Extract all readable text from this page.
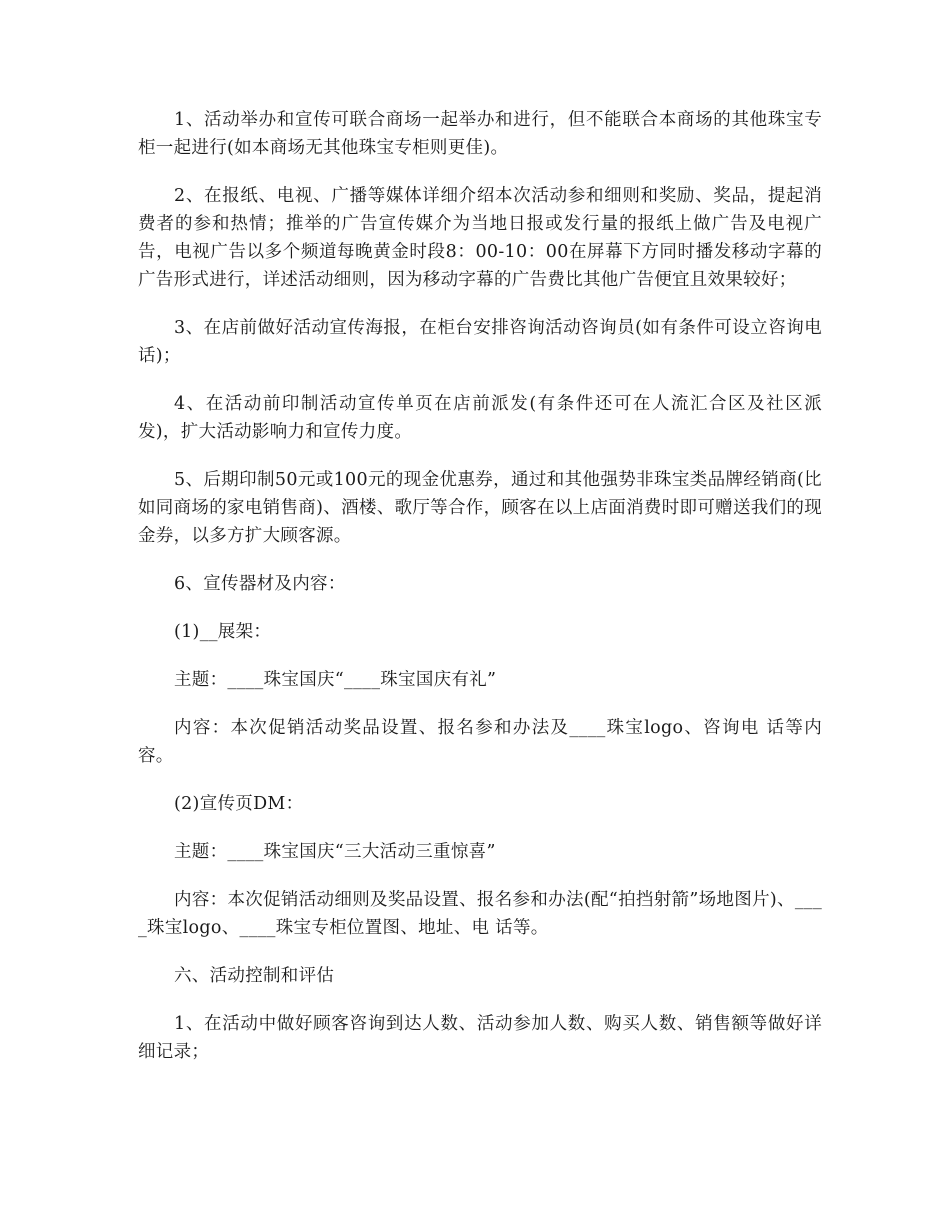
1、活动举办和宣传可联合商场一起举办和进行，但不能联合本商场的其他珠宝专柜一起进行(如本商场无其他珠宝专柜则更佳)。

2、在报纸、电视、广播等媒体详细介绍本次活动参和细则和奖励、奖品，提起消费者的参和热情；推举的广告宣传媒介为当地日报或发行量的报纸上做广告及电视广告，电视广告以多个频道每晚黄金时段8：00-10：00在屏幕下方同时播发移动字幕的广告形式进行，详述活动细则，因为移动字幕的广告费比其他广告便宜且效果较好；

3、在店前做好活动宣传海报，在柜台安排咨询活动咨询员(如有条件可设立咨询电 话)；

4、在活动前印制活动宣传单页在店前派发(有条件还可在人流汇合区及社区派发)，扩大活动影响力和宣传力度。

5、后期印制50元或100元的现金优惠券，通过和其他强势非珠宝类品牌经销商(比如同商场的家电销售商)、酒楼、歌厅等合作，顾客在以上店面消费时即可赠送我们的现金券，以多方扩大顾客源。

6、宣传器材及内容：

(1)__展架：

主题：____珠宝国庆“____珠宝国庆有礼”

内容：本次促销活动奖品设置、报名参和办法及____珠宝logo、咨询电 话等内容。

(2)宣传页DM：

主题：____珠宝国庆“三大活动三重惊喜”

内容：本次促销活动细则及奖品设置、报名参和办法(配“拍挡射箭”场地图片)、____珠宝logo、____珠宝专柜位置图、地址、电 话等。

六、活动控制和评估

1、在活动中做好顾客咨询到达人数、活动参加人数、购买人数、销售额等做好详细记录；
